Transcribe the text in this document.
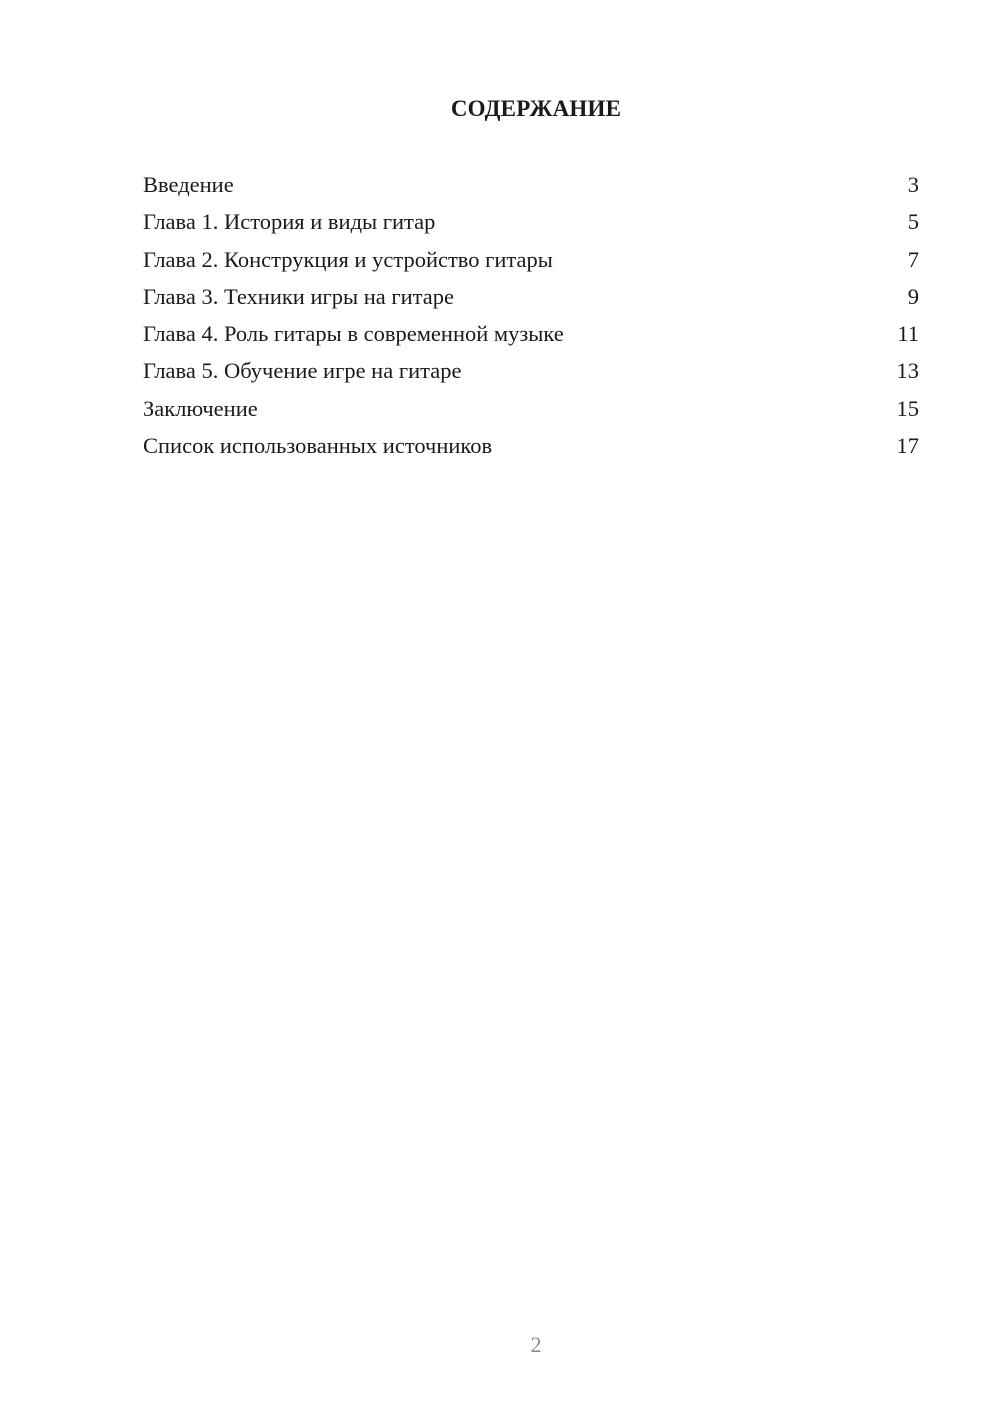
СОДЕРЖАНИЕ
Введение	3
Глава 1. История и виды гитар	5
Глава 2. Конструкция и устройство гитары	7
Глава 3. Техники игры на гитаре	9
Глава 4. Роль гитары в современной музыке	11
Глава 5. Обучение игре на гитаре	13
Заключение	15
Список использованных источников	17
2
